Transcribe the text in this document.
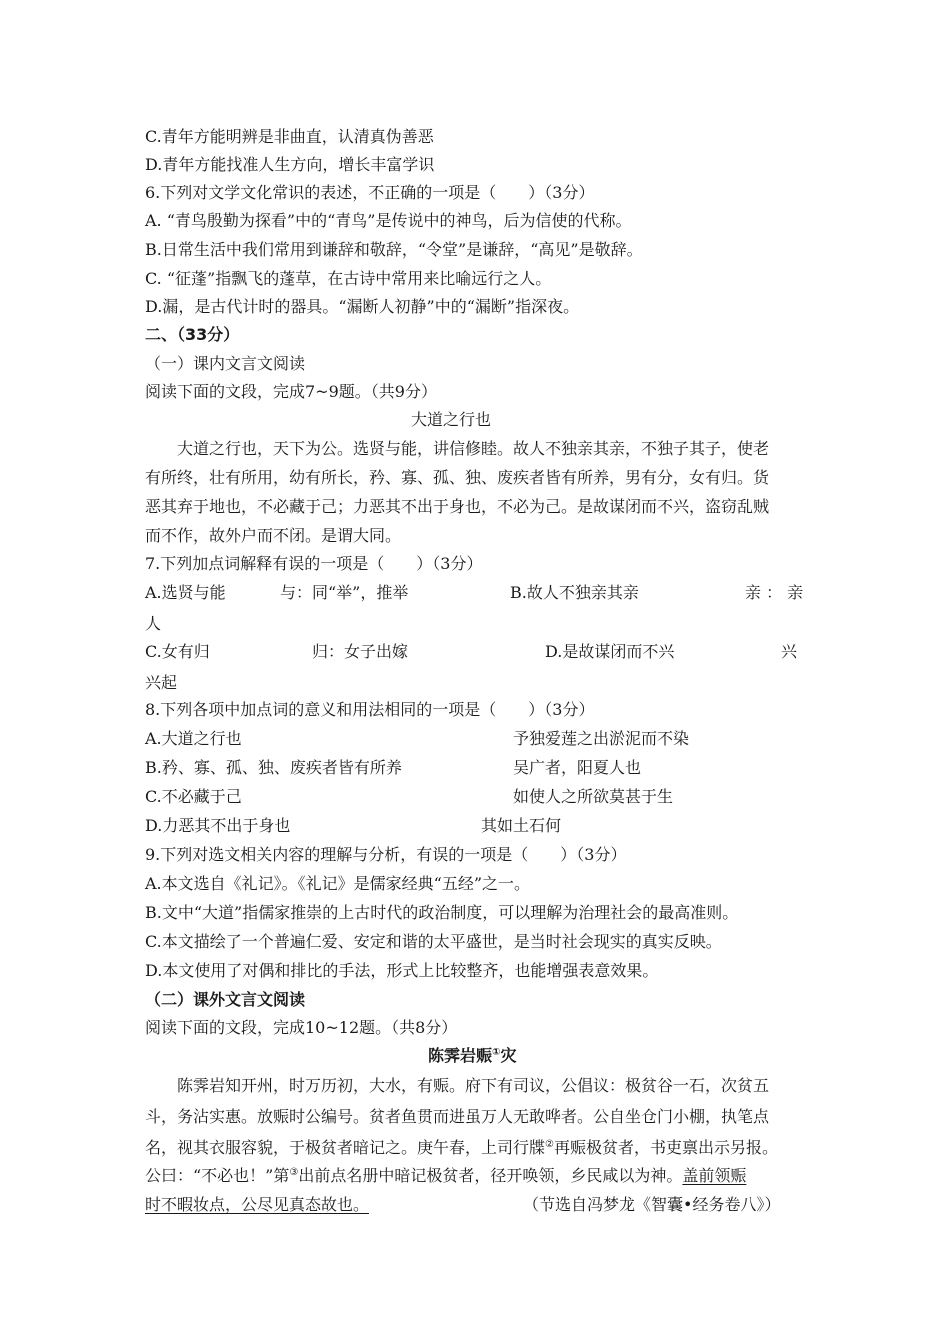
C.青年方能明辨是非曲直，认清真伪善恶
D.青年方能找准人生方向，增长丰富学识
6.下列对文学文化常识的表述，不正确的一项是（　　）（3分）
A. “青鸟殷勤为探看”中的“青鸟”是传说中的神鸟，后为信使的代称。
B.日常生活中我们常用到谦辞和敬辞，“令堂”是谦辞，“高见”是敬辞。
C. “征蓬”指飘飞的蓬草，在古诗中常用来比喻远行之人。
D.漏，是古代计时的器具。“漏断人初静”中的“漏断”指深夜。
二、（33分）
（一）课内文言文阅读
阅读下面的文段，完成7~9题。（共9分）
大道之行也
大道之行也，天下为公。选贤与能，讲信修睦。故人不独亲其亲，不独子其子，使老
有所终，壮有所用，幼有所长，矜、寡、孤、独、废疾者皆有所养，男有分，女有归。货
恶其弃于地也，不必藏于己；力恶其不出于身也，不必为己。是故谋闭而不兴，盗窃乱贼
而不作，故外户而不闭。是谓大同。
7.下列加点词解释有误的一项是（　　）（3分）
A.选贤与能	与：同“举”，推举	B.故人不独亲其亲	亲 ： 亲
人
C.女有归	归：女子出嫁	D.是故谋闭而不兴	兴
兴起
8.下列各项中加点词的意义和用法相同的一项是（　　）（3分）
A.大道之行也	予独爱莲之出淤泥而不染
B.矜、寡、孤、独、废疾者皆有所养	吴广者，阳夏人也
C.不必藏于己	如使人之所欲莫甚于生
D.力恶其不出于身也	其如土石何
9.下列对选文相关内容的理解与分析，有误的一项是（　　）（3分）
A.本文选自《礼记》。《礼记》是儒家经典“五经”之一。
B.文中“大道”指儒家推崇的上古时代的政治制度，可以理解为治理社会的最高准则。
C.本文描绘了一个普遍仁爱、安定和谐的太平盛世，是当时社会现实的真实反映。
D.本文使用了对偶和排比的手法，形式上比较整齐，也能增强表意效果。
（二）课外文言文阅读
阅读下面的文段，完成10~12题。（共8分）
陈霁岩赈①灾
陈霁岩知开州，时万历初，大水，有赈。府下有司议，公倡议：极贫谷一石，次贫五
斗，务沾实惠。放赈时公编号。贫者鱼贯而进虽万人无敢哗者。公自坐仓门小棚，执笔点
名，视其衣服容貌，于极贫者暗记之。庚午春，上司行牒②再赈极贫者，书吏禀出示另报。
公曰：“不必也！”第③出前点名册中暗记极贫者，径开唤领，乡民咸以为神。盖前领赈
时不暇妆点，公尽见真态故也。	（节选自冯梦龙《智囊•经务卷八》）
